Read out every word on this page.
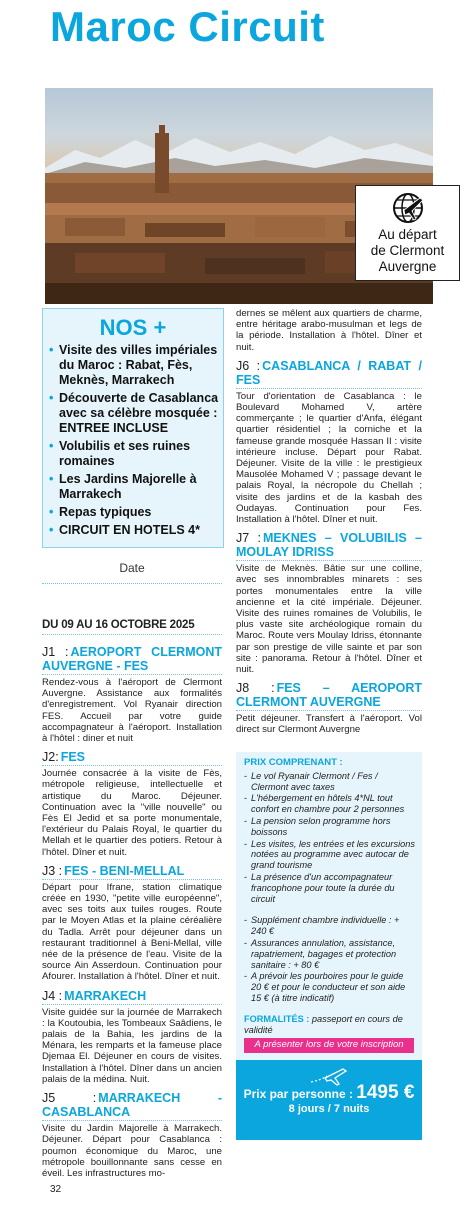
Maroc Circuit
Au départ
de Clermont
Auvergne
NOS +
• Visite des villes impériales du Maroc : Rabat, Fès, Meknès, Marrakech
• Découverte de Casablanca avec sa célèbre mosquée : ENTREE INCLUSE
• Volubilis et ses ruines romaines
• Les Jardins Majorelle à Marrakech
• Repas typiques
• CIRCUIT EN HOTELS 4*
Date
DU 09 AU 16 OCTOBRE 2025
J1 : AEROPORT CLERMONT AUVERGNE - FES

Rendez-vous à l'aéroport de Clermont Auvergne. Assistance aux formalités d'enregistrement. Vol Ryanair direction FES. Accueil par votre guide accompagnateur à l'aéroport. Installation à l'hôtel : diner et nuit

J2: FES

Journée consacrée à la visite de Fès, métropole religieuse, intellectuelle et artistique du Maroc. Déjeuner. Continuation avec la "ville nouvelle" ou Fès El Jedid et sa porte monumentale, l'extérieur du Palais Royal, le quartier du Mellah et le quartier des potiers. Retour à l'hôtel. Dîner et nuit.

J3 : FES - BENI-MELLAL

Départ pour Ifrane, station climatique créée en 1930, "petite ville européenne", avec ses toits aux tuiles rouges. Route par le Moyen Atlas et la plaine céréalière du Tadla. Arrêt pour déjeuner dans un restaurant traditionnel à Beni-Mellal, ville née de la présence de l'eau. Visite de la source Ain Asserdoun. Continuation pour Afourer. Installation à l'hôtel. Dîner et nuit.

J4 : MARRAKECH

Visite guidée sur la journée de Marrakech : la Koutoubia, les Tombeaux Saâdiens, le palais de la Bahia, les jardins de la Ménara, les remparts et la fameuse place Djemaa El. Déjeuner en cours de visites. Installation à l'hôtel. Dîner dans un ancien palais de la médina. Nuit.

J5 : MARRAKECH - CASABLANCA

Visite du Jardin Majorelle à Marrakech. Déjeuner. Départ pour Casablanca : poumon économique du Maroc, une métropole bouillonnante sans cesse en éveil. Les infrastructures mo-

dernes se mêlent aux quartiers de charme, entre héritage arabo-musulman et legs de la période. Installation à l'hôtel. Dîner et nuit.

J6 : CASABLANCA / RABAT / FES

Tour d'orientation de Casablanca : le Boulevard Mohamed V, artère commerçante ; le quartier d'Anfa, élégant quartier résidentiel ; la corniche et la fameuse grande mosquée Hassan II : visite intérieure incluse. Départ pour Rabat. Déjeuner. Visite de la ville : le prestigieux Mausolée Mohamed V ; passage devant le palais Royal, la nécropole du Chellah ; visite des jardins et de la kasbah des Oudayas. Continuation pour Fes. Installation à l'hôtel. Dîner et nuit.

J7 : MEKNES – VOLUBILIS – MOULAY IDRISS

Visite de Meknès. Bâtie sur une colline, avec ses innombrables minarets : ses portes monumentales entre la ville ancienne et la cité impériale. Déjeuner. Visite des ruines romaines de Volubilis, le plus vaste site archéologique romain du Maroc. Route vers Moulay Idriss, étonnante par son prestige de ville sainte et par son site : panorama. Retour à l'hôtel. Dîner et nuit.

J8 : FES – AEROPORT CLERMONT AUVERGNE

Petit déjeuner. Transfert à l'aéroport. Vol direct sur Clermont Auvergne

PRIX COMPRENANT :
- Le vol Ryanair Clermont / Fes / Clermont avec taxes
- L'hébergement en hôtels 4*NL tout confort en chambre pour 2 personnes
- La pension selon programme hors boissons
- Les visites, les entrées et les excursions notées au programme avec autocar de grand tourisme
- La présence d'un accompagnateur francophone pour toute la durée du circuit
- Supplément chambre individuelle : + 240 €
- Assurances annulation, assistance, rapatriement, bagages et protection sanitaire : + 80 €
- A prévoir les pourboires pour le guide 20 € et pour le conducteur et son aide 15 € (à titre indicatif)
FORMALITÉS : passeport en cours de validité
A présenter lors de votre inscription
Prix par personne : 1495 €
8 jours / 7 nuits
32
